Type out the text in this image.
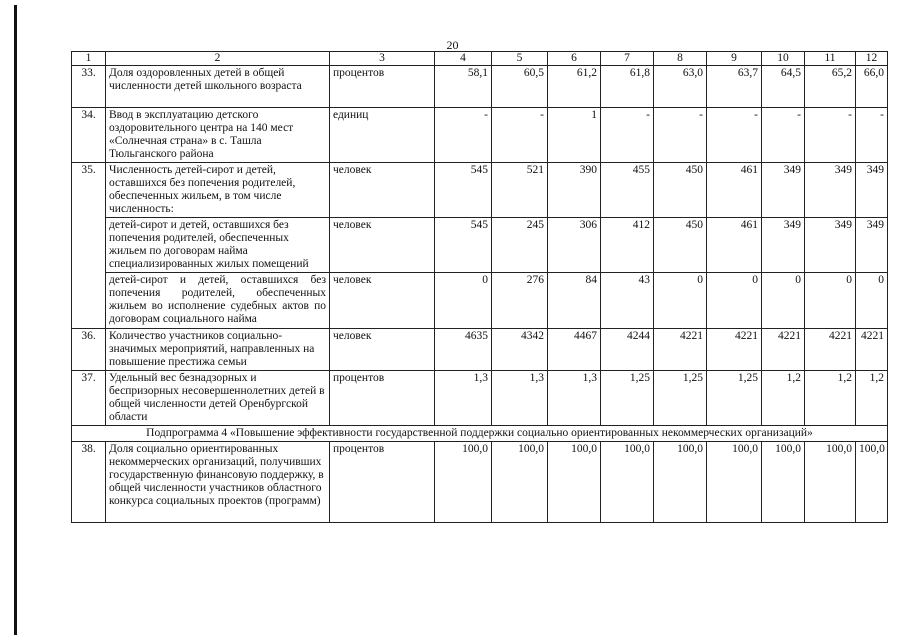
20
1	2	3	4	5	6	7	8	9	10	11	12
33.	Доля оздоровленных детей в общей численности детей школьного возраста	процентов	58,1	60,5	61,2	61,8	63,0	63,7	64,5	65,2	66,0
34.	Ввод в эксплуатацию детского оздоровительного центра на 140 мест «Солнечная страна» в с. Ташла Тюльганского района	единиц	-	-	1	-	-	-	-	-	-
35.	Численность детей-сирот и детей, оставшихся без попечения родителей, обеспеченных жильем, в том числе численность:	человек	545	521	390	455	450	461	349	349	349
	детей-сирот и детей, оставшихся без попечения родителей, обеспеченных жильем по договорам найма специализированных жилых помещений	человек	545	245	306	412	450	461	349	349	349
	детей-сирот и детей, оставшихся без попечения родителей, обеспеченных жильем во исполнение судебных актов по договорам социального найма	человек	0	276	84	43	0	0	0	0	0
36.	Количество участников социально-значимых мероприятий, направленных на повышение престижа семьи	человек	4635	4342	4467	4244	4221	4221	4221	4221	4221
37.	Удельный вес безнадзорных и беспризорных несовершеннолетних детей в общей численности детей Оренбургской области	процентов	1,3	1,3	1,3	1,25	1,25	1,25	1,2	1,2	1,2
Подпрограмма 4 «Повышение эффективности государственной поддержки социально ориентированных некоммерческих организаций»											
38.	Доля социально ориентированных некоммерческих организаций, получивших государственную финансовую поддержку, в общей численности участников областного конкурса социальных проектов (программ)	процентов	100,0	100,0	100,0	100,0	100,0	100,0	100,0	100,0	100,0
